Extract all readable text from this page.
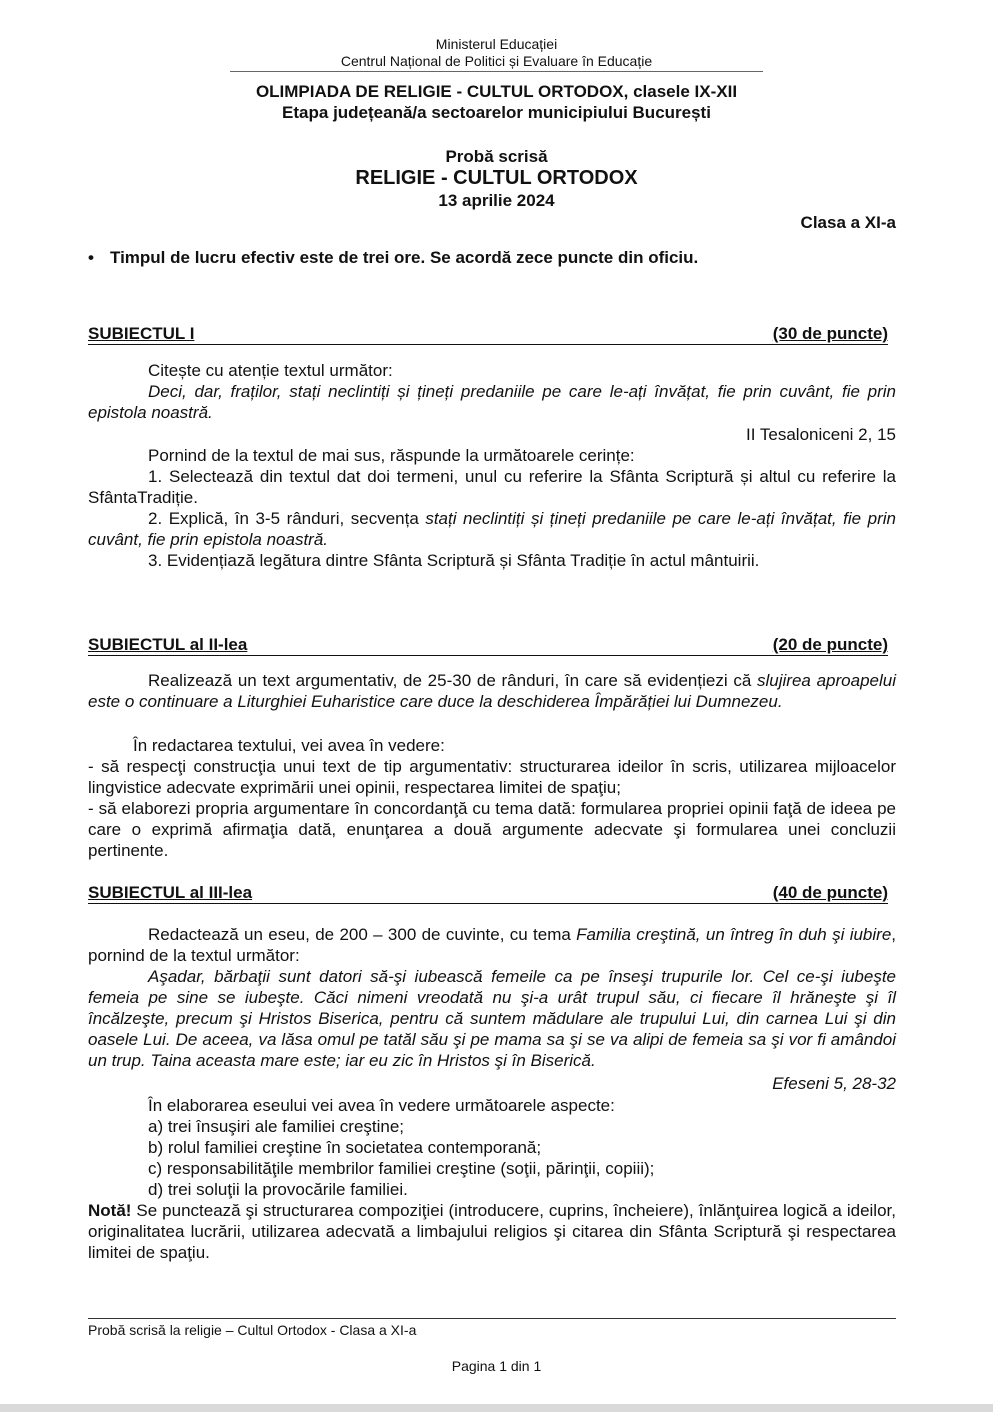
Ministerul Educației
Centrul Național de Politici și Evaluare în Educație
OLIMPIADA DE RELIGIE - CULTUL ORTODOX, clasele IX-XII
Etapa județeană/a sectoarelor municipiului București
Probă scrisă
RELIGIE - CULTUL ORTODOX
13 aprilie 2024
Clasa a XI-a
• Timpul de lucru efectiv este de trei ore. Se acordă zece puncte din oficiu.
SUBIECTUL I	(30 de puncte)

Citește cu atenție textul următor:

Deci, dar, fraților, stați neclintiți și țineți predaniile pe care le-ați învățat, fie prin cuvânt, fie prin epistola noastră.

II Tesaloniceni 2, 15

Pornind de la textul de mai sus, răspunde la următoarele cerințe:

1. Selectează din textul dat doi termeni, unul cu referire la Sfânta Scriptură și altul cu referire la SfântaTradiție.

2. Explică, în 3-5 rânduri, secvența stați neclintiți și țineți predaniile pe care le-ați învățat, fie prin cuvânt, fie prin epistola noastră.

3. Evidențiază legătura dintre Sfânta Scriptură și Sfânta Tradiție în actul mântuirii.

SUBIECTUL al II-lea	(20 de puncte)

Realizează un text argumentativ, de 25-30 de rânduri, în care să evidențiezi că slujirea aproapelui este o continuare a Liturghiei Euharistice care duce la deschiderea Împărăției lui Dumnezeu.

În redactarea textului, vei avea în vedere:

- să respecţi construcţia unui text de tip argumentativ: structurarea ideilor în scris, utilizarea mijloacelor lingvistice adecvate exprimării unei opinii, respectarea limitei de spaţiu;

- să elaborezi propria argumentare în concordanţă cu tema dată: formularea propriei opinii faţă de ideea pe care o exprimă afirmaţia dată, enunţarea a două argumente adecvate şi formularea unei concluzii pertinente.

SUBIECTUL al III-lea	(40 de puncte)

Redactează un eseu, de 200 – 300 de cuvinte, cu tema Familia creştină, un întreg în duh şi iubire, pornind de la textul următor:

Aşadar, bărbaţii sunt datori să-şi iubească femeile ca pe înseşi trupurile lor. Cel ce-şi iubeşte femeia pe sine se iubeşte. Căci nimeni vreodată nu şi-a urât trupul său, ci fiecare îl hrăneşte şi îl încălzeşte, precum şi Hristos Biserica, pentru că suntem mădulare ale trupului Lui, din carnea Lui şi din oasele Lui. De aceea, va lăsa omul pe tatăl său şi pe mama sa şi se va alipi de femeia sa şi vor fi amândoi un trup. Taina aceasta mare este; iar eu zic în Hristos şi în Biserică.

Efeseni 5, 28-32

În elaborarea eseului vei avea în vedere următoarele aspecte:

a) trei însuşiri ale familiei creştine;

b) rolul familiei creştine în societatea contemporană;

c) responsabilităţile membrilor familiei creştine (soţii, părinţii, copiii);

d) trei soluţii la provocările familiei.

Notă! Se punctează şi structurarea compoziţiei (introducere, cuprins, încheiere), înlănţuirea logică a ideilor, originalitatea lucrării, utilizarea adecvată a limbajului religios şi citarea din Sfânta Scriptură şi respectarea limitei de spaţiu.

Probă scrisă la religie – Cultul Ortodox - Clasa a XI-a
Pagina 1 din 1
